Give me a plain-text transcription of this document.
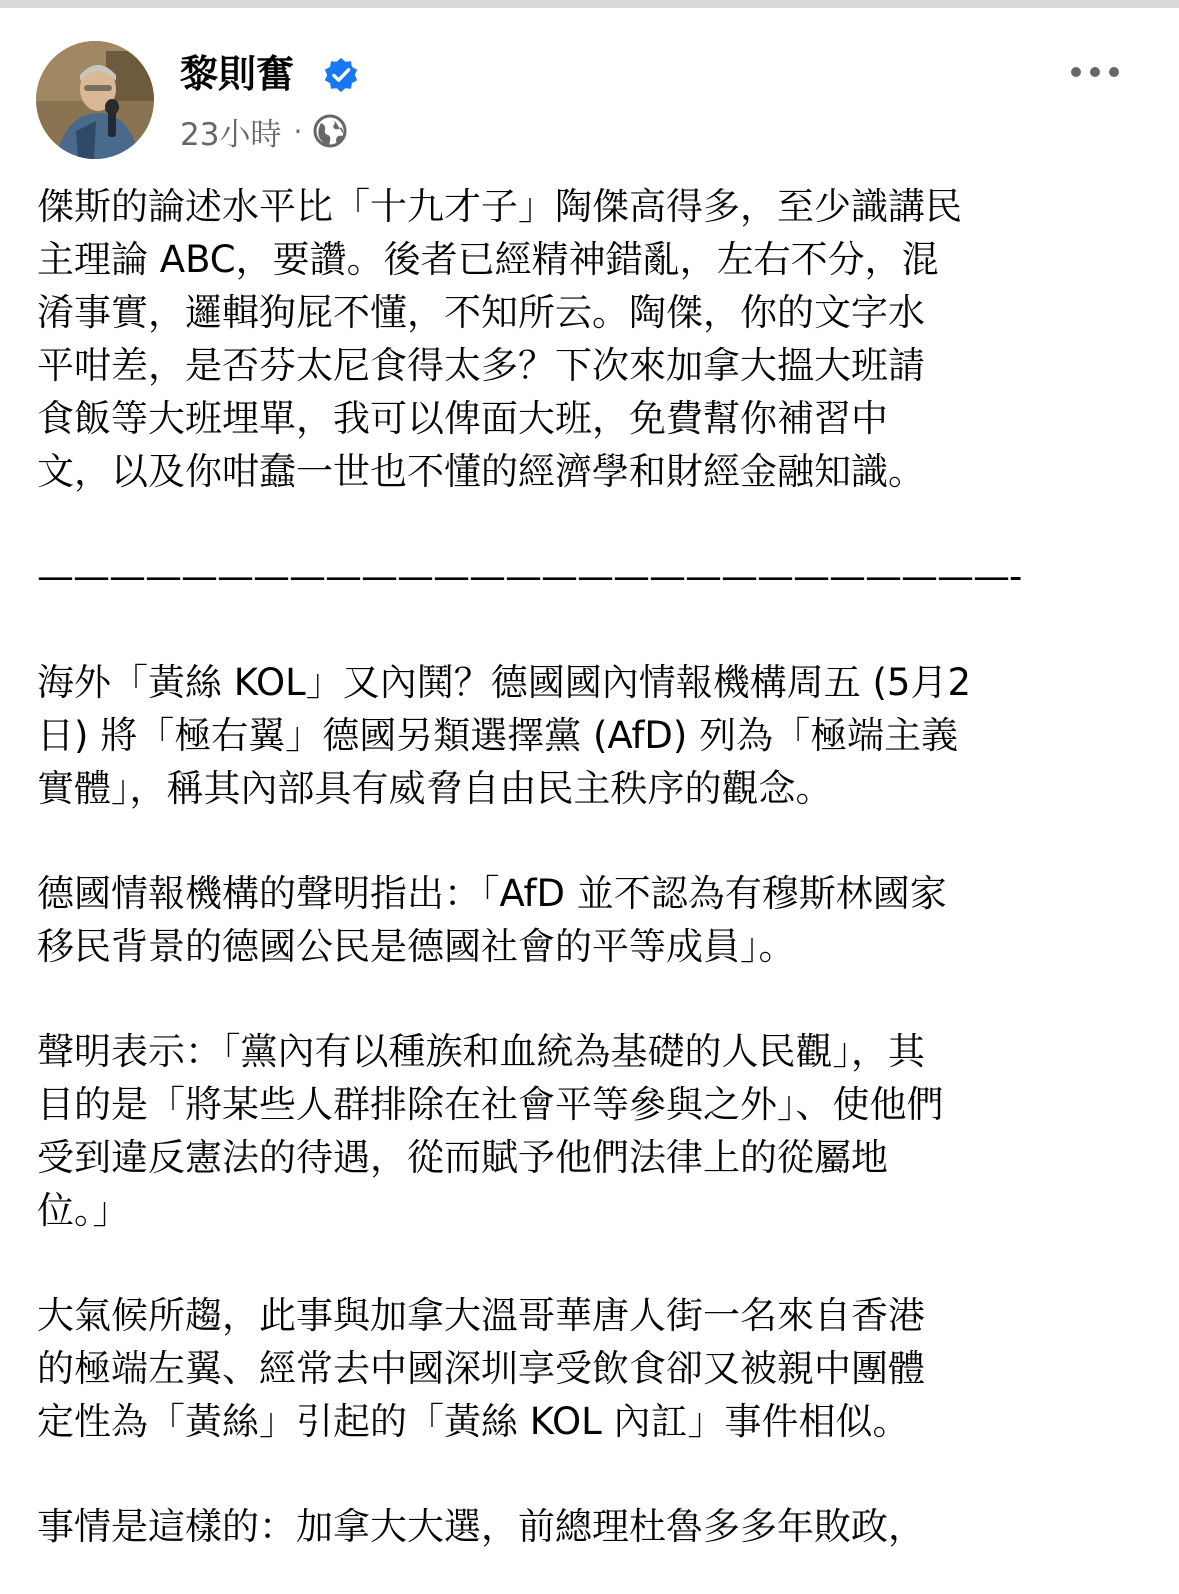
黎則奮
23小時 ·

傑斯的論述水平比「十九才子」陶傑高得多，至少識講民
主理論 ABC，要讚。後者已經精神錯亂，左右不分，混
淆事實，邏輯狗屁不懂，不知所云。陶傑，你的文字水
平咁差，是否芬太尼食得太多？下次來加拿大搵大班請
食飯等大班埋單，我可以俾面大班，免費幫你補習中
文，以及你咁蠢一世也不懂的經濟學和財經金融知識。

———————————————————————————-

海外「黃絲 KOL」又內鬨？德國國內情報機構周五 (5月2
日) 將「極右翼」德國另類選擇黨 (AfD) 列為「極端主義
實體」，稱其內部具有威脅自由民主秩序的觀念。

德國情報機構的聲明指出：「AfD 並不認為有穆斯林國家
移民背景的德國公民是德國社會的平等成員」。

聲明表示：「黨內有以種族和血統為基礎的人民觀」，其
目的是「將某些人群排除在社會平等參與之外」、使他們
受到違反憲法的待遇，從而賦予他們法律上的從屬地
位。」

大氣候所趨，此事與加拿大溫哥華唐人街一名來自香港
的極端左翼、經常去中國深圳享受飲食卻又被親中團體
定性為「黃絲」引起的「黃絲 KOL 內訌」事件相似。

事情是這樣的：加拿大大選，前總理杜魯多多年敗政，
